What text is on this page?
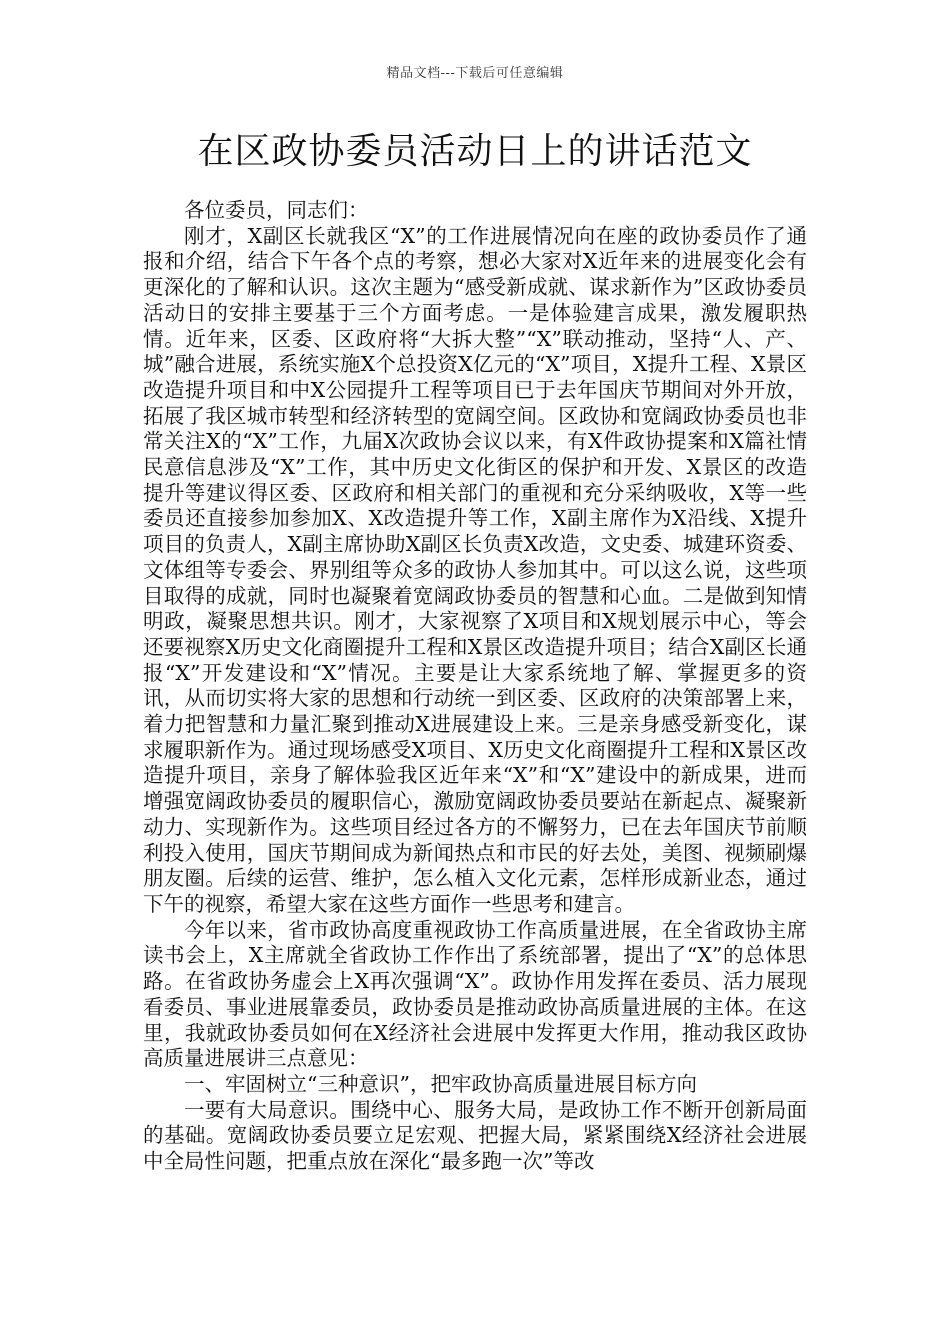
精品文档---下载后可任意编辑
在区政协委员活动日上的讲话范文

各位委员，同志们：

刚才，X副区长就我区“X”的工作进展情况向在座的政协委员作了通报和介绍，结合下午各个点的考察，想必大家对X近年来的进展变化会有更深化的了解和认识。这次主题为“感受新成就、谋求新作为”区政协委员活动日的安排主要基于三个方面考虑。一是体验建言成果，激发履职热情。近年来，区委、区政府将“大拆大整”“X”联动推动，坚持“人、产、城”融合进展，系统实施X个总投资X亿元的“X”项目，X提升工程、X景区改造提升项目和中X公园提升工程等项目已于去年国庆节期间对外开放，拓展了我区城市转型和经济转型的宽阔空间。区政协和宽阔政协委员也非常关注X的“X”工作，九届X次政协会议以来，有X件政协提案和X篇社情民意信息涉及“X”工作，其中历史文化街区的保护和开发、X景区的改造提升等建议得区委、区政府和相关部门的重视和充分采纳吸收，X等一些委员还直接参加参加X、X改造提升等工作，X副主席作为X沿线、X提升项目的负责人，X副主席协助X副区长负责X改造，文史委、城建环资委、文体组等专委会、界别组等众多的政协人参加其中。可以这么说，这些项目取得的成就，同时也凝聚着宽阔政协委员的智慧和心血。二是做到知情明政，凝聚思想共识。刚才，大家视察了X项目和X规划展示中心，等会还要视察X历史文化商圈提升工程和X景区改造提升项目；结合X副区长通报“X”开发建设和“X”情况。主要是让大家系统地了解、掌握更多的资讯，从而切实将大家的思想和行动统一到区委、区政府的决策部署上来，着力把智慧和力量汇聚到推动X进展建设上来。三是亲身感受新变化，谋求履职新作为。通过现场感受X项目、X历史文化商圈提升工程和X景区改造提升项目，亲身了解体验我区近年来“X”和“X”建设中的新成果，进而增强宽阔政协委员的履职信心，激励宽阔政协委员要站在新起点、凝聚新动力、实现新作为。这些项目经过各方的不懈努力，已在去年国庆节前顺利投入使用，国庆节期间成为新闻热点和市民的好去处，美图、视频刷爆朋友圈。后续的运营、维护，怎么植入文化元素，怎样形成新业态，通过下午的视察，希望大家在这些方面作一些思考和建言。

今年以来，省市政协高度重视政协工作高质量进展，在全省政协主席读书会上，X主席就全省政协工作作出了系统部署，提出了“X”的总体思路。在省政协务虚会上X再次强调“X”。政协作用发挥在委员、活力展现看委员、事业进展靠委员，政协委员是推动政协高质量进展的主体。在这里，我就政协委员如何在X经济社会进展中发挥更大作用，推动我区政协高质量进展讲三点意见：

一、牢固树立“三种意识”，把牢政协高质量进展目标方向

一要有大局意识。围绕中心、服务大局，是政协工作不断开创新局面的基础。宽阔政协委员要立足宏观、把握大局，紧紧围绕X经济社会进展中全局性问题，把重点放在深化“最多跑一次”等改
